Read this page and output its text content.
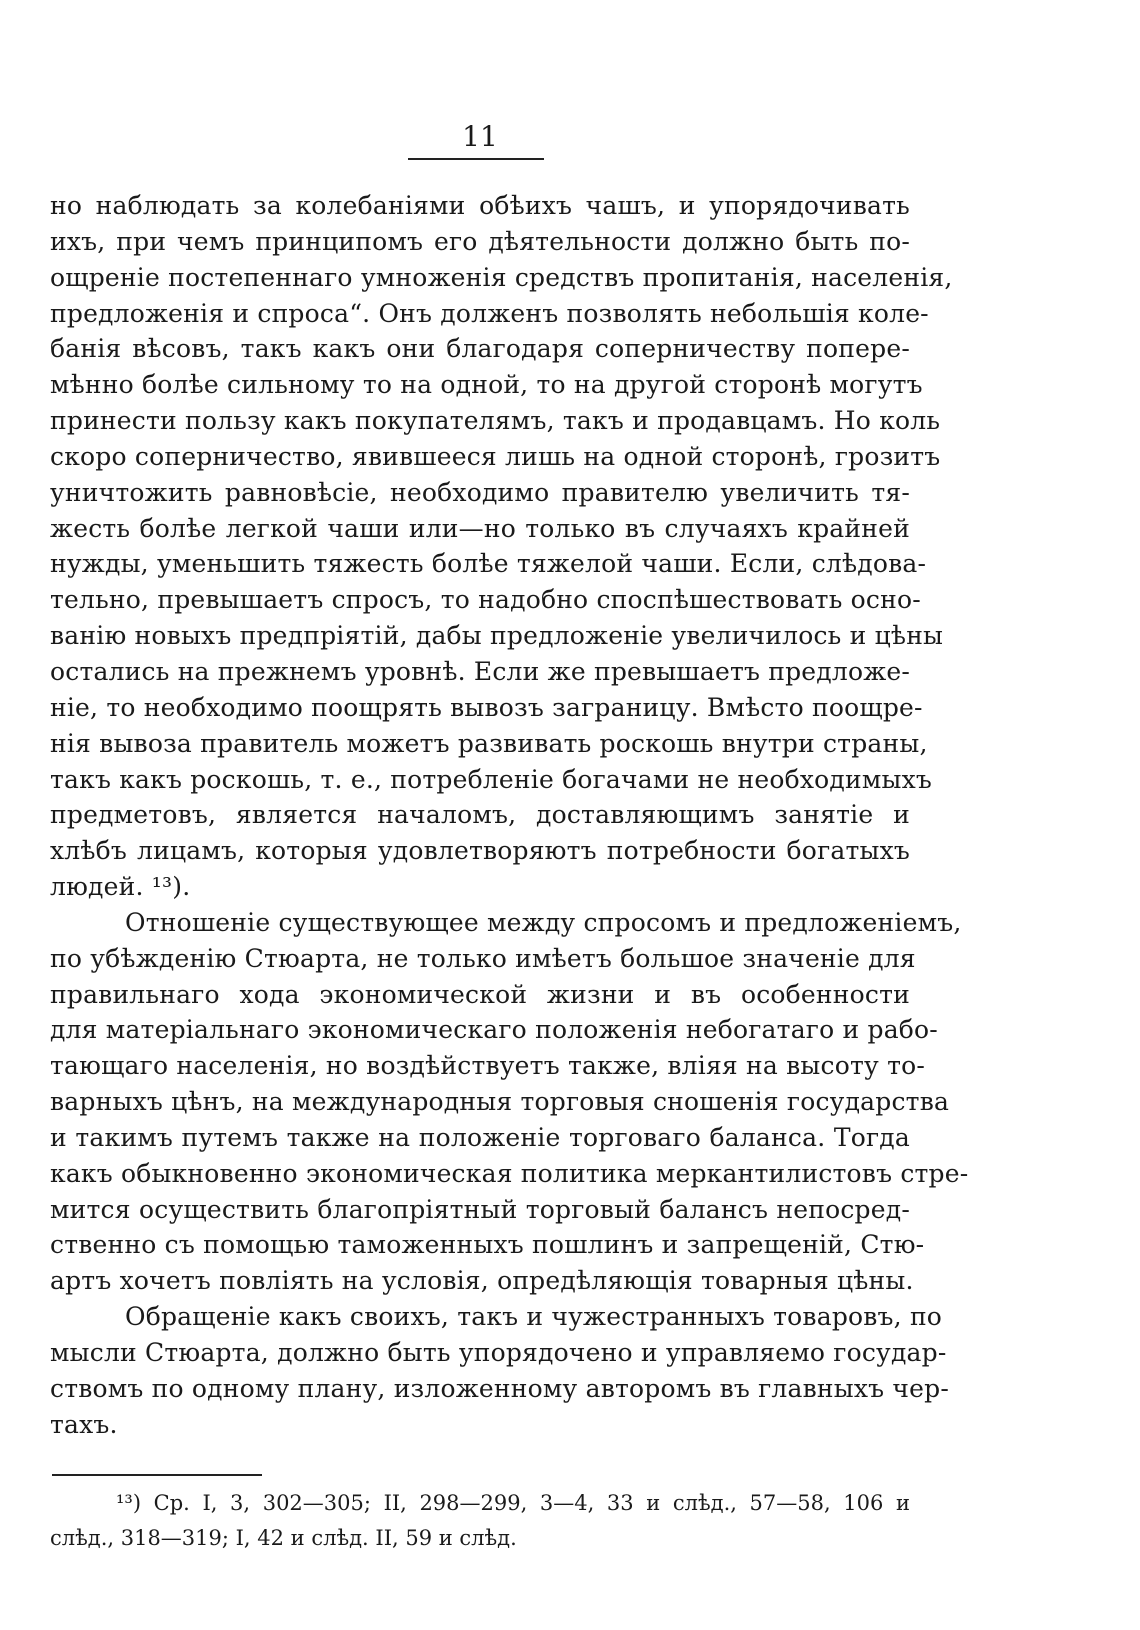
11
но наблюдать за колебаніями обѣихъ чашъ, и упорядочивать
ихъ, при чемъ принципомъ его дѣятельности должно быть по-
ощреніе постепеннаго умноженія средствъ пропитанія, населенія,
предложенія и спроса“. Онъ долженъ позволять небольшія коле-
банія вѣсовъ, такъ какъ они благодаря соперничеству попере-
мѣнно болѣе сильному то на одной, то на другой сторонѣ могутъ
принести пользу какъ покупателямъ, такъ и продавцамъ. Но коль
скоро соперничество, явившееся лишь на одной сторонѣ, грозитъ
уничтожить равновѣсіе, необходимо правителю увеличить тя-
жесть болѣе легкой чаши или—но только въ случаяхъ крайней
нужды, уменьшить тяжесть болѣе тяжелой чаши. Если, слѣдова-
тельно, превышаетъ спросъ, то надобно споспѣшествовать осно-
ванію новыхъ предпріятій, дабы предложеніе увеличилось и цѣны
остались на прежнемъ уровнѣ. Если же превышаетъ предложе-
ніе, то необходимо поощрять вывозъ заграницу. Вмѣсто поощре-
нія вывоза правитель можетъ развивать роскошь внутри страны,
такъ какъ роскошь, т. е., потребленіе богачами не необходимыхъ
предметовъ, является началомъ, доставляющимъ занятіе и
хлѣбъ лицамъ, которыя удовлетворяютъ потребности богатыхъ
людей. ¹³).
Отношеніе существующее между спросомъ и предложеніемъ,
по убѣжденію Стюарта, не только имѣетъ большое значеніе для
правильнаго хода экономической жизни и въ особенности
для матеріальнаго экономическаго положенія небогатаго и рабо-
тающаго населенія, но воздѣйствуетъ также, вліяя на высоту то-
варныхъ цѣнъ, на международныя торговыя сношенія государства
и такимъ путемъ также на положеніе торговаго баланса. Тогда
какъ обыкновенно экономическая политика меркантилистовъ стре-
мится осуществить благопріятный торговый балансъ непосред-
ственно съ помощью таможенныхъ пошлинъ и запрещеній, Стю-
артъ хочетъ повліять на условія, опредѣляющія товарныя цѣны.
Обращеніе какъ своихъ, такъ и чужестранныхъ товаровъ, по
мысли Стюарта, должно быть упорядочено и управляемо государ-
ствомъ по одному плану, изложенному авторомъ въ главныхъ чер-
тахъ.
¹³) Ср. I, 3, 302—305; II, 298—299, 3—4, 33 и слѣд., 57—58, 106 и
слѣд., 318—319; I, 42 и слѣд. II, 59 и слѣд.
